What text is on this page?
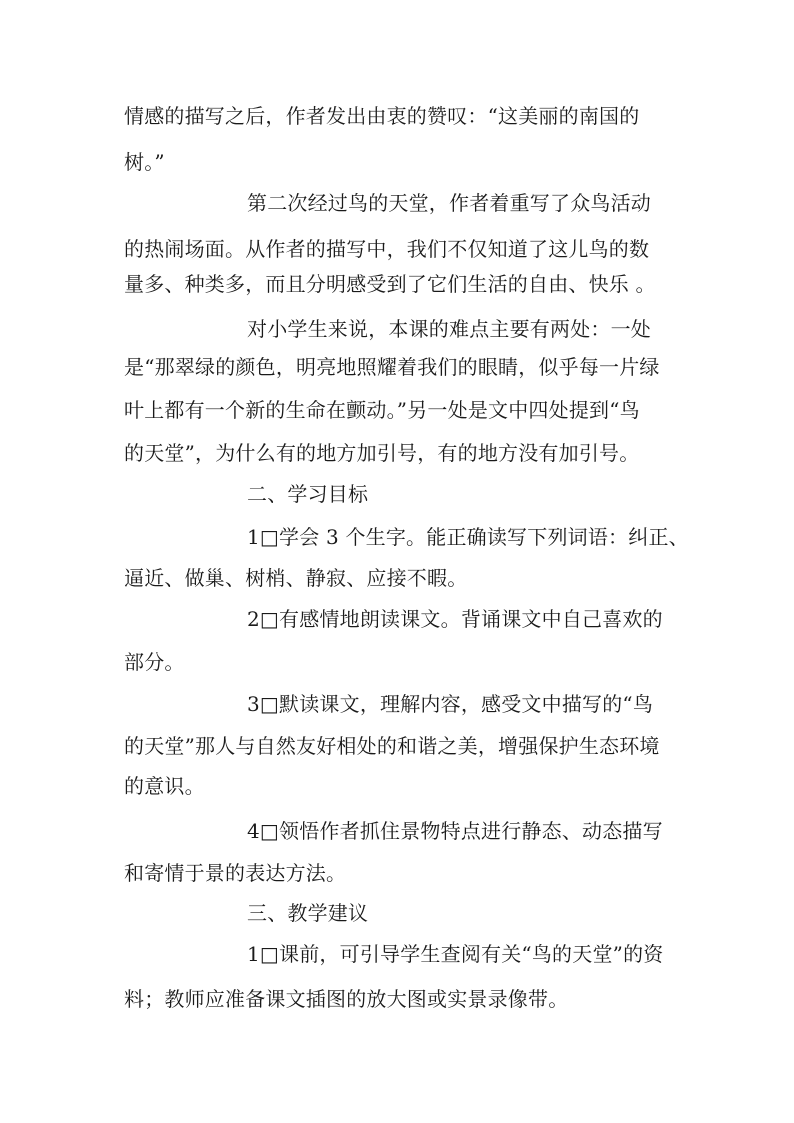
情感的描写之后，作者发出由衷的赞叹：“这美丽的南国的
树。”
第二次经过鸟的天堂，作者着重写了众鸟活动
的热闹场面。从作者的描写中，我们不仅知道了这儿鸟的数
量多、种类多，而且分明感受到了它们生活的自由、快乐 。
对小学生来说，本课的难点主要有两处：一处
是“那翠绿的颜色，明亮地照耀着我们的眼睛，似乎每一片绿
叶上都有一个新的生命在颤动。”另一处是文中四处提到“鸟
的天堂”，为什么有的地方加引号，有的地方没有加引号。
二、学习目标
1□学会 3 个生字。能正确读写下列词语：纠正、
逼近、做巢、树梢、静寂、应接不暇。
2□有感情地朗读课文。背诵课文中自己喜欢的
部分。
3□默读课文，理解内容，感受文中描写的“鸟
的天堂”那人与自然友好相处的和谐之美，增强保护生态环境
的意识。
4□领悟作者抓住景物特点进行静态、动态描写
和寄情于景的表达方法。
三、教学建议
1□课前，可引导学生查阅有关“鸟的天堂”的资
料；教师应准备课文插图的放大图或实景录像带。
